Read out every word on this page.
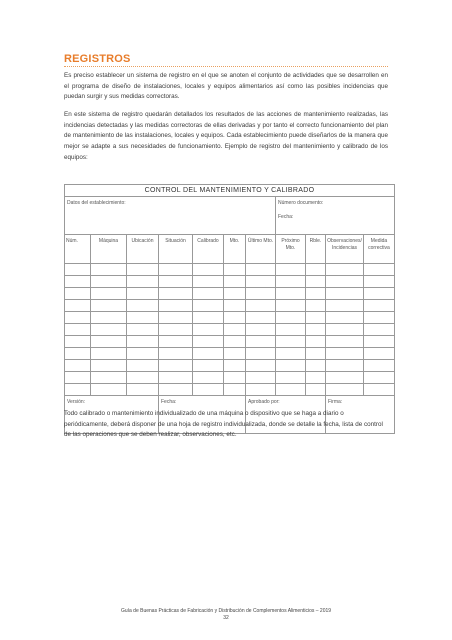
REGISTROS
Es preciso establecer un sistema de registro en el que se anoten el conjunto de actividades que se desarrollen en el programa de diseño de instalaciones, locales y equipos alimentarios así como las posibles incidencias que puedan surgir y sus medidas correctoras.
En este sistema de registro quedarán detallados los resultados de las acciones de mantenimiento realizadas, las incidencias detectadas y las medidas correctoras de ellas derivadas y por tanto el correcto funcionamiento del plan de mantenimiento de las instalaciones, locales y equipos. Cada establecimiento puede diseñarlos de la manera que mejor se adapte a sus necesidades de funcionamiento. Ejemplo de registro del mantenimiento y calibrado de los equipos:
CONTROL DEL MANTENIMIENTO Y CALIBRADO										
Datos del establecimiento:							Número documento:
Fecha:			

Núm.	Máquina	Ubicación	Situación	Calibrado	Mto.	Último Mto.	Próximo Mto.	Rble.	Observaciones/ Incidencias	Medida correctiva

Versión:			Fecha:			Aprobado por:			Firma:	
Todo calibrado o mantenimiento individualizado de una máquina o dispositivo que se haga a diario o periódicamente, deberá disponer de una hoja de registro individualizada, donde se detalle la fecha, lista de control de las operaciones que se deben realizar, observaciones, etc.
Guía de Buenas Prácticas de Fabricación y Distribución de Complementos Alimenticios – 2019
32
